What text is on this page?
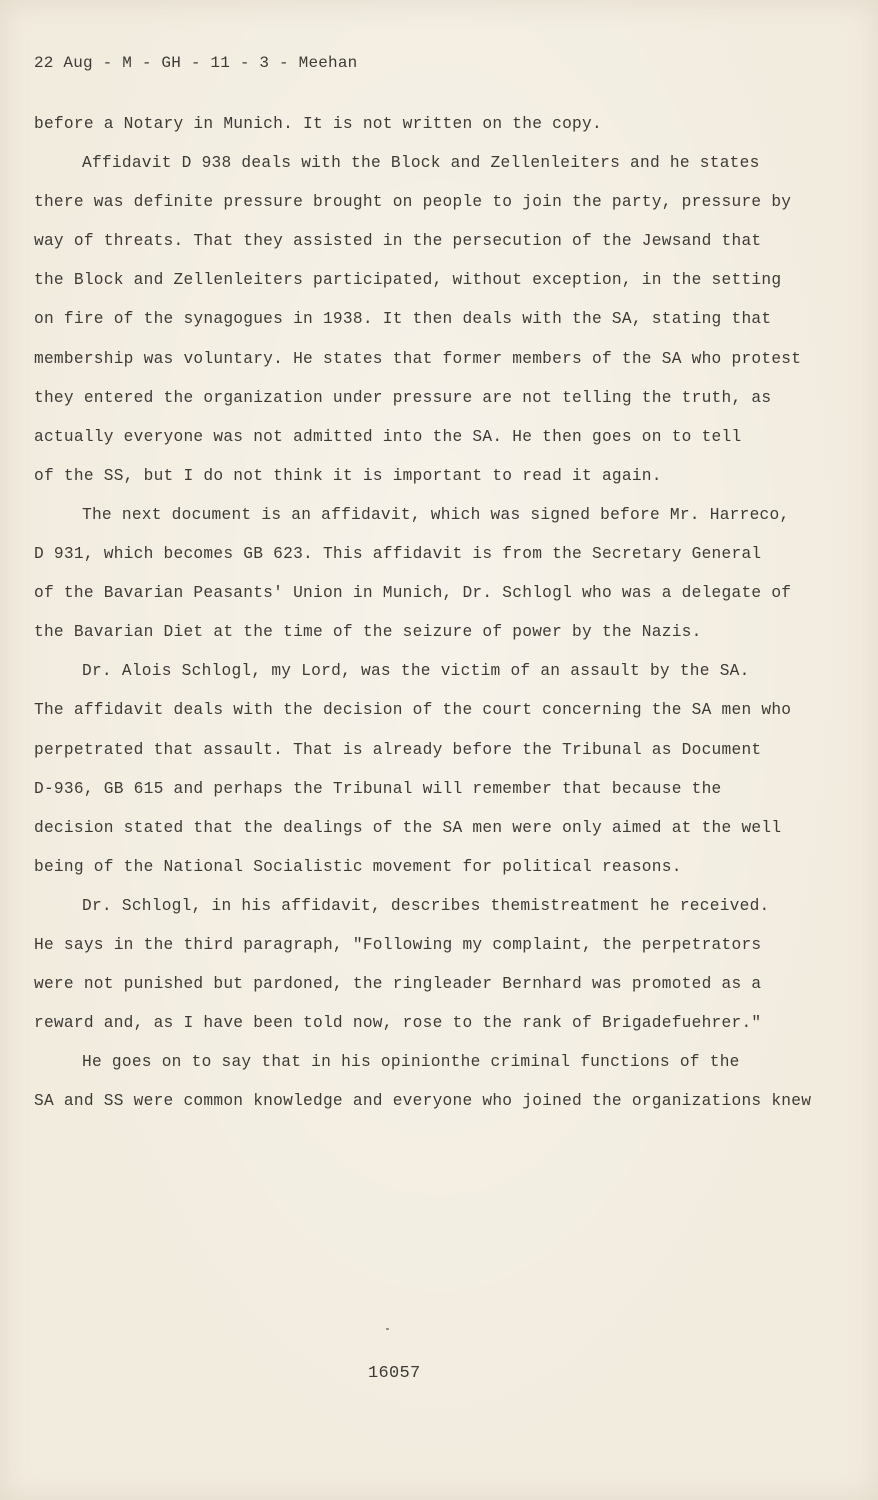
22 Aug - M - GH - 11 - 3 - Meehan
before a Notary in Munich. It is not written on the copy.
Affidavit D 938 deals with the Block and Zellenleiters and he states
there was definite pressure brought on people to join the party, pressure by
way of threats. That they assisted in the persecution of the Jewsand that
the Block and Zellenleiters participated, without exception, in the setting
on fire of the synagogues in 1938. It then deals with the SA, stating that
membership was voluntary. He states that former members of the SA who protest
they entered the organization under pressure are not telling the truth, as
actually everyone was not admitted into the SA. He then goes on to tell
of the SS, but I do not think it is important to read it again.
The next document is an affidavit, which was signed before Mr. Harreco,
D 931, which becomes GB 623. This affidavit is from the Secretary General
of the Bavarian Peasants' Union in Munich, Dr. Schlogl who was a delegate of
the Bavarian Diet at the time of the seizure of power by the Nazis.
Dr. Alois Schlogl, my Lord, was the victim of an assault by the SA.
The affidavit deals with the decision of the court concerning the SA men who
perpetrated that assault. That is already before the Tribunal as Document
D-936, GB 615 and perhaps the Tribunal will remember that because the
decision stated that the dealings of the SA men were only aimed at the well
being of the National Socialistic movement for political reasons.
Dr. Schlogl, in his affidavit, describes themistreatment he received.
He says in the third paragraph, "Following my complaint, the perpetrators
were not punished but pardoned, the ringleader Bernhard was promoted as a
reward and, as I have been told now, rose to the rank of Brigadefuehrer."
He goes on to say that in his opinionthe criminal functions of the
SA and SS were common knowledge and everyone who joined the organizations knew
16057
